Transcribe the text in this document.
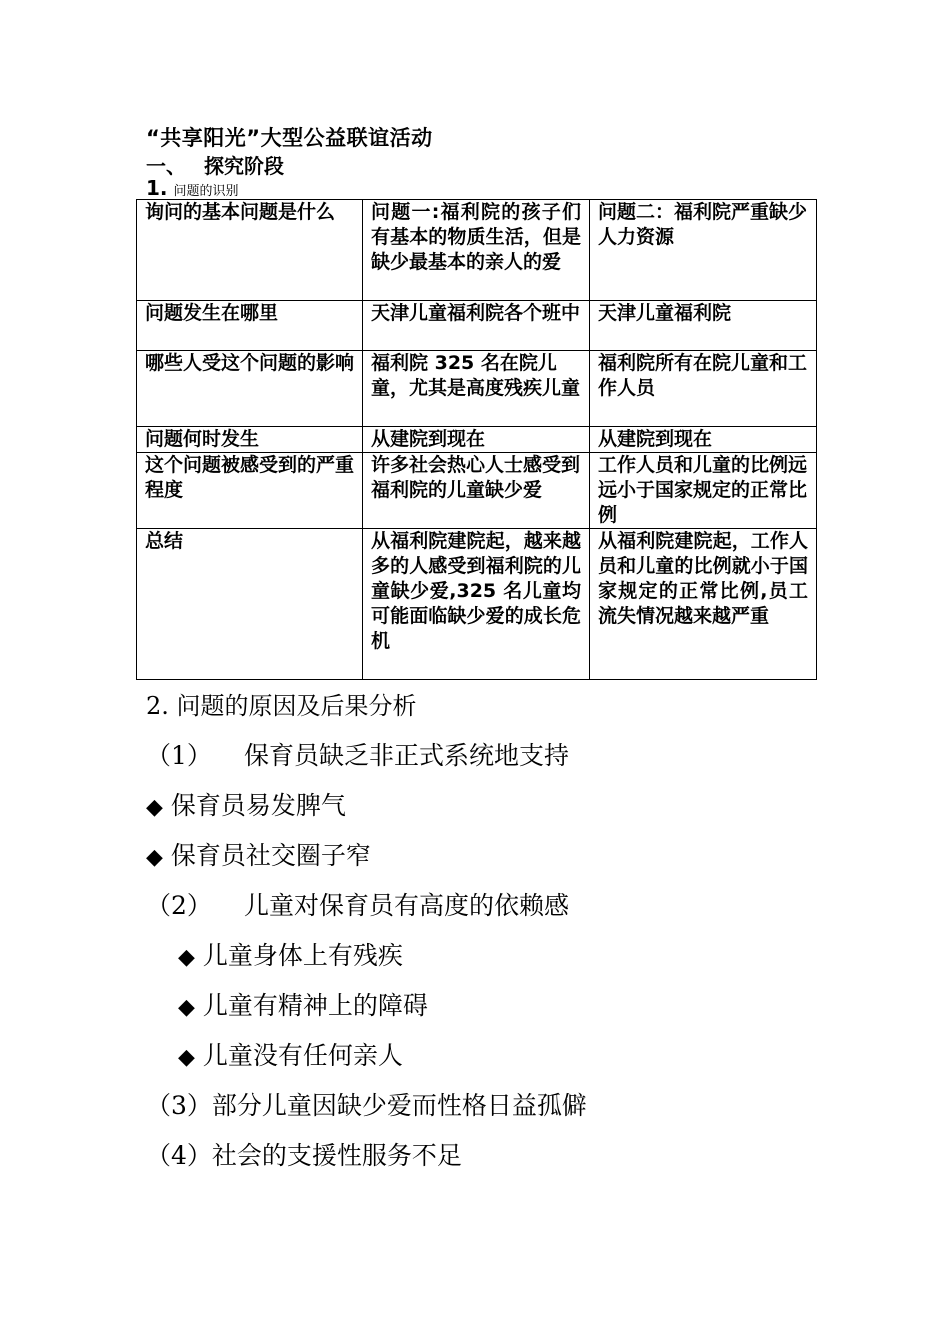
“共享阳光”大型公益联谊活动
一、 探究阶段
1. 问题的识别
询问的基本问题是什么	问题一:福利院的孩子们有基本的物质生活，但是缺少最基本的亲人的爱	问题二：福利院严重缺少人力资源
问题发生在哪里	天津儿童福利院各个班中	天津儿童福利院
哪些人受这个问题的影响	福利院 325 名在院儿童，尤其是高度残疾儿童	福利院所有在院儿童和工作人员
问题何时发生	从建院到现在	从建院到现在
这个问题被感受到的严重程度	许多社会热心人士感受到福利院的儿童缺少爱	工作人员和儿童的比例远远小于国家规定的正常比例
总结	从福利院建院起，越来越多的人感受到福利院的儿童缺少爱,325 名儿童均可能面临缺少爱的成长危机	从福利院建院起，工作人员和儿童的比例就小于国家规定的正常比例,员工流失情况越来越严重
2. 问题的原因及后果分析
（1） 保育员缺乏非正式系统地支持
◆ 保育员易发脾气
◆ 保育员社交圈子窄
（2） 儿童对保育员有高度的依赖感
◆ 儿童身体上有残疾
◆ 儿童有精神上的障碍
◆ 儿童没有任何亲人
（3）部分儿童因缺少爱而性格日益孤僻
（4）社会的支援性服务不足
